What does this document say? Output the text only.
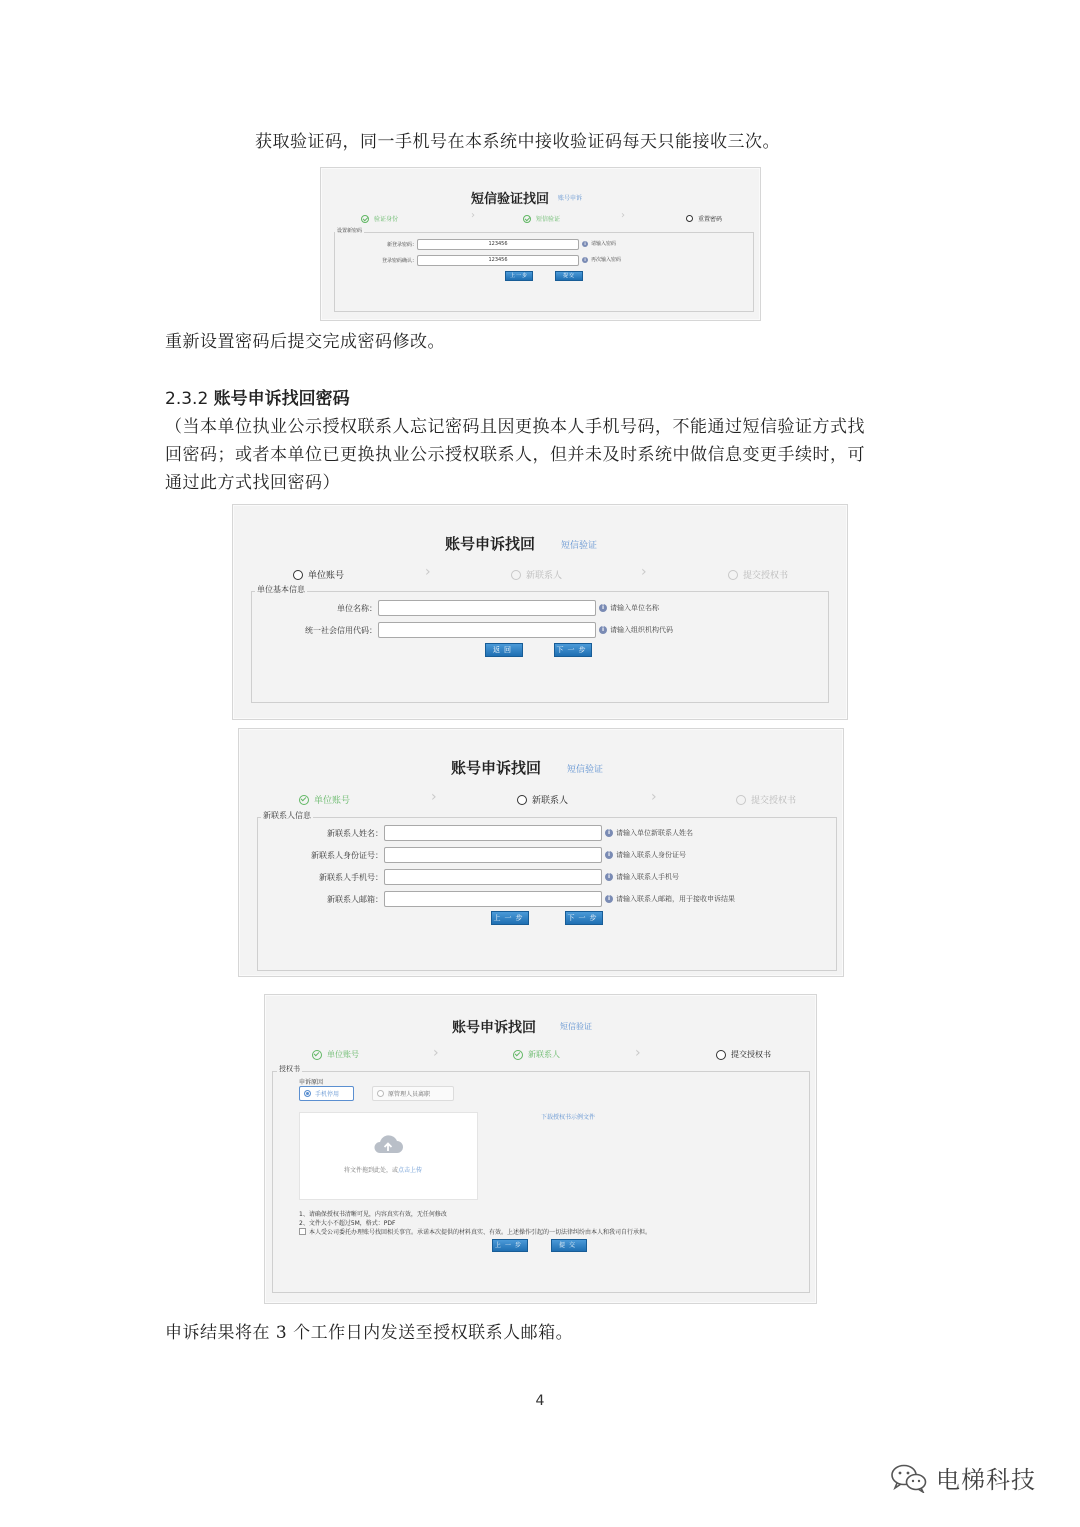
获取验证码，同一手机号在本系统中接收验证码每天只能接收三次。
短信验证找回 账号申诉
验证身份	›	短信验证	›	重置密码
设置新密码
新登录密码：	123456	i	请输入密码
登录密码确认：	123456	i	再次输入密码
上一步	提交
重新设置密码后提交完成密码修改。
2.3.2 账号申诉找回密码
（当本单位执业公示授权联系人忘记密码且因更换本人手机号码，不能通过短信验证方式找
回密码；或者本单位已更换执业公示授权联系人，但并未及时系统中做信息变更手续时，可
通过此方式找回密码）
账号申诉找回	短信验证
单位账号	›	新联系人	›	提交授权书
单位基本信息
单位名称：	i 请输入单位名称
统一社会信用代码：	i 请输入组织机构代码
返回	下一步
账号申诉找回	短信验证
单位账号	›	新联系人	›	提交授权书
新联系人信息
新联系人姓名：	i 请输入单位新联系人姓名
新联系人身份证号：	i 请输入联系人身份证号
新联系人手机号：	i 请输入联系人手机号
新联系人邮箱：	i 请输入联系人邮箱，用于接收申诉结果
上一步	下一步
账号申诉找回	短信验证
单位账号	›	新联系人	›	提交授权书
授权书
申诉原因
手机停用	原管理人员离职
下载授权书示例文件
将文件拖到此处，或点击上传
1、请确保授权书清晰可见，内容真实有效，无任何修改
2、文件大小不超过5M，格式：PDF
本人受公司委托办理账号找回相关事宜。承诺本次提供的材料真实、有效。上述操作引起的一切法律纠纷由本人和我司自行承担。
上一步	提交
申诉结果将在 3 个工作日内发送至授权联系人邮箱。
4
电梯科技
